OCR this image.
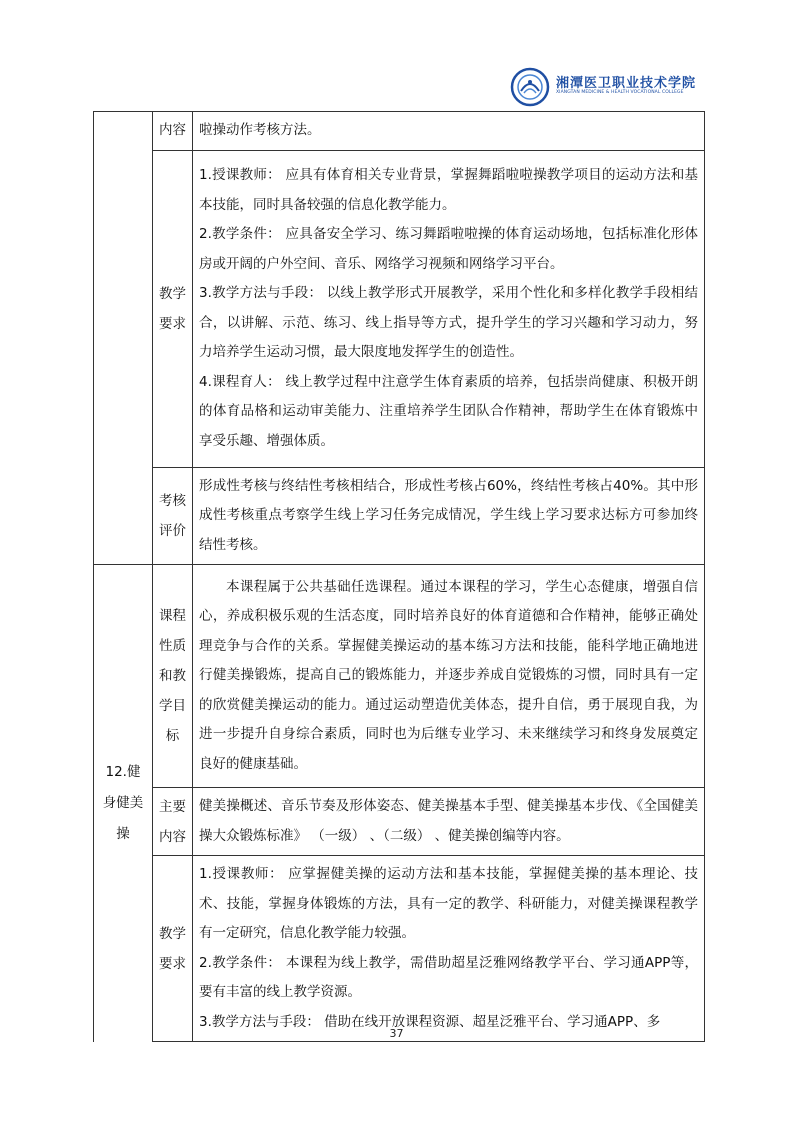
湘潭医卫职业技术学院
XIANGTAN MEDICINE & HEALTH VOCATIONAL COLLEGE
	内容	啦操动作考核方法。
	教学要求	1.授课教师： 应具有体育相关专业背景，掌握舞蹈啦啦操教学项目的运动方法和基本技能，同时具备较强的信息化教学能力。

2.教学条件： 应具备安全学习、练习舞蹈啦啦操的体育运动场地，包括标准化形体房或开阔的户外空间、音乐、网络学习视频和网络学习平台。

3.教学方法与手段： 以线上教学形式开展教学，采用个性化和多样化教学手段相结合，以讲解、示范、练习、线上指导等方式，提升学生的学习兴趣和学习动力，努力培养学生运动习惯，最大限度地发挥学生的创造性。

4.课程育人： 线上教学过程中注意学生体育素质的培养，包括崇尚健康、积极开朗的体育品格和运动审美能力、注重培养学生团队合作精神，帮助学生在体育锻炼中享受乐趣、增强体质。

	考核评价	形成性考核与终结性考核相结合，形成性考核占60%，终结性考核占40%。其中形成性考核重点考察学生线上学习任务完成情况，学生线上学习要求达标方可参加终结性考核。
12.健身健美操	课程性质和教学目标	本课程属于公共基础任选课程。通过本课程的学习，学生心态健康，增强自信心，养成积极乐观的生活态度，同时培养良好的体育道德和合作精神，能够正确处理竞争与合作的关系。掌握健美操运动的基本练习方法和技能，能科学地正确地进行健美操锻炼，提高自己的锻炼能力，并逐步养成自觉锻炼的习惯，同时具有一定的欣赏健美操运动的能力。通过运动塑造优美体态，提升自信，勇于展现自我，为进一步提升自身综合素质，同时也为后继专业学习、未来继续学习和终身发展奠定良好的健康基础。

	主要内容	健美操概述、音乐节奏及形体姿态、健美操基本手型、健美操基本步伐、《全国健美操大众锻炼标准》 （一级） 、（二级） 、健美操创编等内容。
	教学要求	1.授课教师： 应掌握健美操的运动方法和基本技能，掌握健美操的基本理论、技术、技能，掌握身体锻炼的方法，具有一定的教学、科研能力，对健美操课程教学有一定研究，信息化教学能力较强。

2.教学条件： 本课程为线上教学，需借助超星泛雅网络教学平台、学习通APP等，要有丰富的线上教学资源。

3.教学方法与手段： 借助在线开放课程资源、超星泛雅平台、学习通APP、多

37
